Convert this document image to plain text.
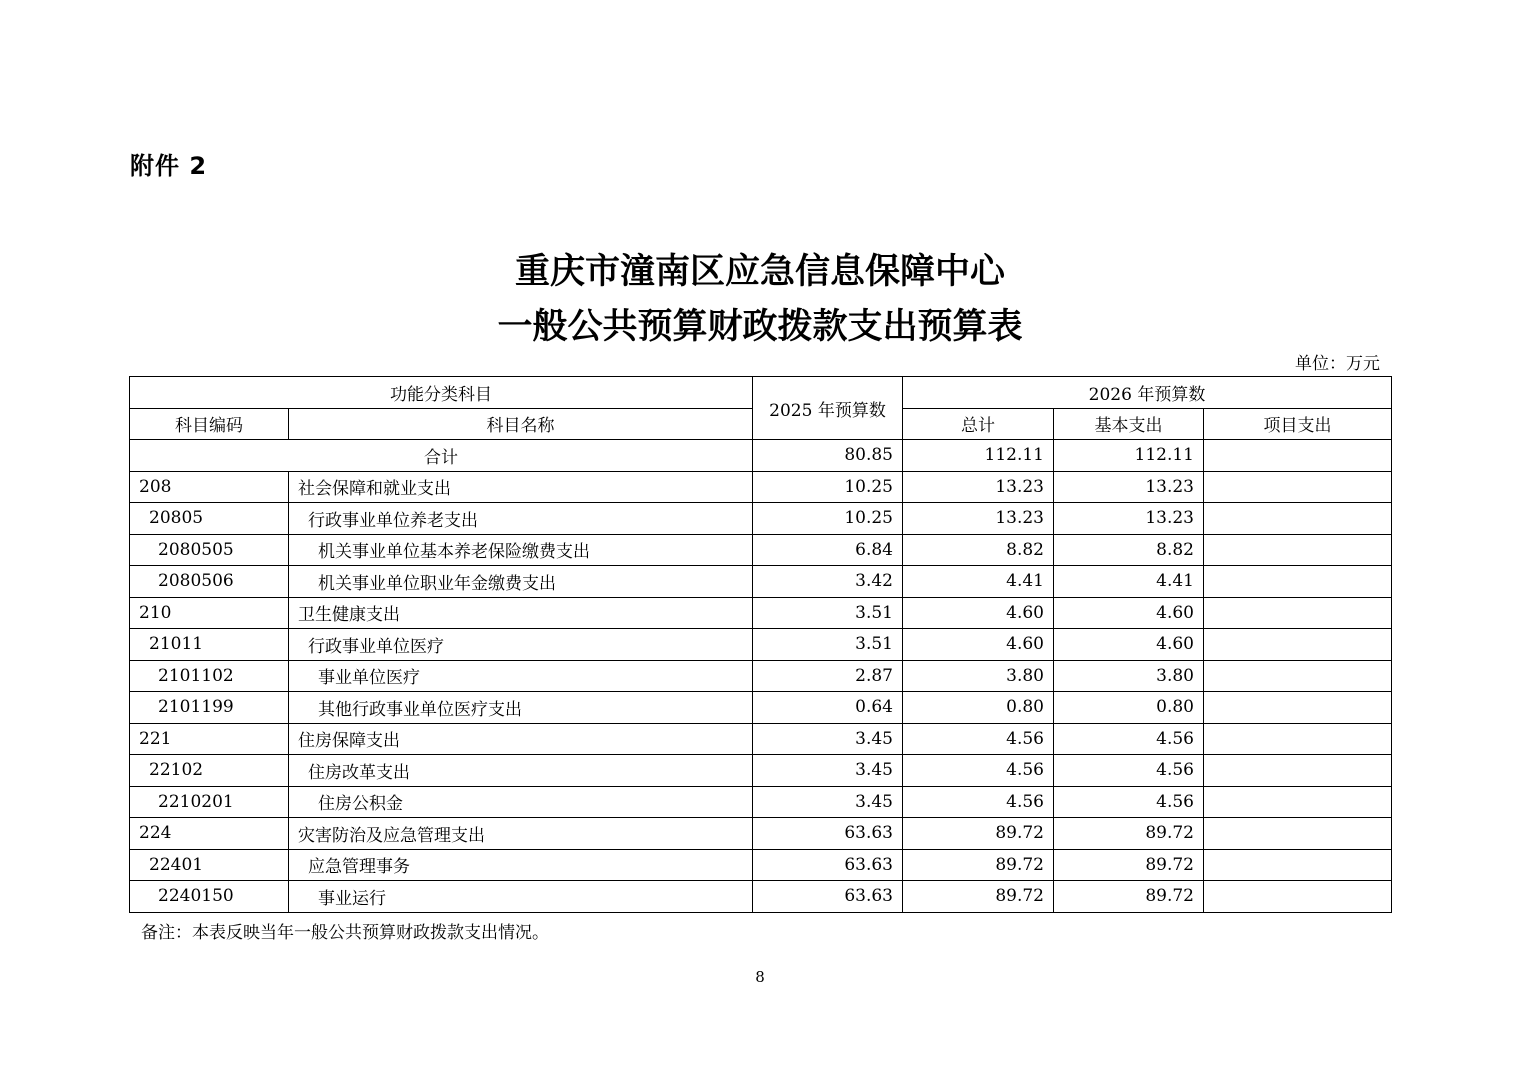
附件 2
重庆市潼南区应急信息保障中心
一般公共预算财政拨款支出预算表
单位：万元
功能分类科目		2025 年预算数	2026 年预算数		
科目编码	科目名称		总计	基本支出	项目支出
合计		80.85	112.11	112.11	
208	社会保障和就业支出	10.25	13.23	13.23	
20805	行政事业单位养老支出	10.25	13.23	13.23	
2080505	机关事业单位基本养老保险缴费支出	6.84	8.82	8.82	
2080506	机关事业单位职业年金缴费支出	3.42	4.41	4.41	
210	卫生健康支出	3.51	4.60	4.60	
21011	行政事业单位医疗	3.51	4.60	4.60	
2101102	事业单位医疗	2.87	3.80	3.80	
2101199	其他行政事业单位医疗支出	0.64	0.80	0.80	
221	住房保障支出	3.45	4.56	4.56	
22102	住房改革支出	3.45	4.56	4.56	
2210201	住房公积金	3.45	4.56	4.56	
224	灾害防治及应急管理支出	63.63	89.72	89.72	
22401	应急管理事务	63.63	89.72	89.72	
2240150	事业运行	63.63	89.72	89.72	
备注：本表反映当年一般公共预算财政拨款支出情况。
8
